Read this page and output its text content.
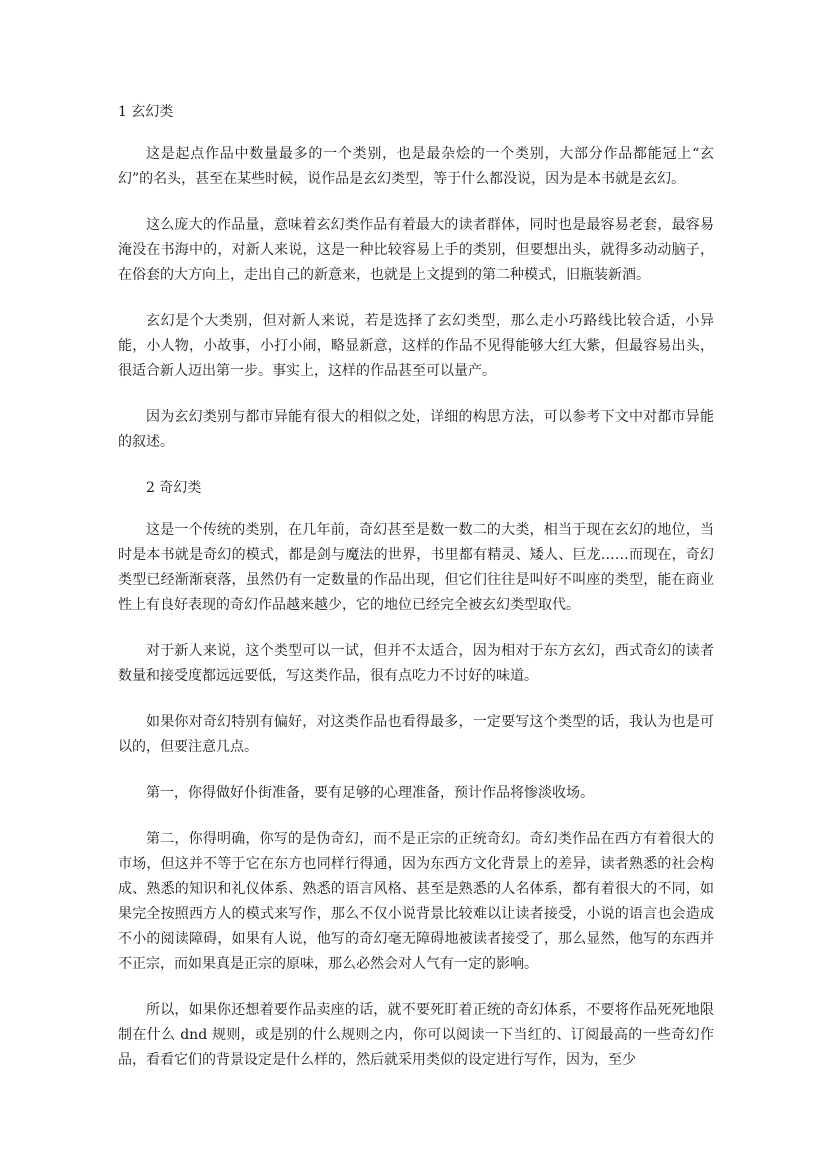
1 玄幻类

这是起点作品中数量最多的一个类别，也是最杂烩的一个类别，大部分作品都能冠上“玄幻”的名头，甚至在某些时候，说作品是玄幻类型，等于什么都没说，因为是本书就是玄幻。

这么庞大的作品量，意味着玄幻类作品有着最大的读者群体，同时也是最容易老套，最容易淹没在书海中的，对新人来说，这是一种比较容易上手的类别，但要想出头，就得多动动脑子，在俗套的大方向上，走出自己的新意来，也就是上文提到的第二种模式，旧瓶装新酒。

玄幻是个大类别，但对新人来说，若是选择了玄幻类型，那么走小巧路线比较合适，小异能，小人物，小故事，小打小闹，略显新意，这样的作品不见得能够大红大紫，但最容易出头，很适合新人迈出第一步。事实上，这样的作品甚至可以量产。

因为玄幻类别与都市异能有很大的相似之处，详细的构思方法，可以参考下文中对都市异能的叙述。

2 奇幻类

这是一个传统的类别，在几年前，奇幻甚至是数一数二的大类，相当于现在玄幻的地位，当时是本书就是奇幻的模式，都是剑与魔法的世界，书里都有精灵、矮人、巨龙……而现在，奇幻类型已经渐渐衰落，虽然仍有一定数量的作品出现，但它们往往是叫好不叫座的类型，能在商业性上有良好表现的奇幻作品越来越少，它的地位已经完全被玄幻类型取代。

对于新人来说，这个类型可以一试，但并不太适合，因为相对于东方玄幻，西式奇幻的读者数量和接受度都远远要低，写这类作品，很有点吃力不讨好的味道。

如果你对奇幻特别有偏好，对这类作品也看得最多，一定要写这个类型的话，我认为也是可以的，但要注意几点。

第一，你得做好仆街准备，要有足够的心理准备，预计作品将惨淡收场。

第二，你得明确，你写的是伪奇幻，而不是正宗的正统奇幻。奇幻类作品在西方有着很大的市场，但这并不等于它在东方也同样行得通，因为东西方文化背景上的差异，读者熟悉的社会构成、熟悉的知识和礼仪体系、熟悉的语言风格、甚至是熟悉的人名体系，都有着很大的不同，如果完全按照西方人的模式来写作，那么不仅小说背景比较难以让读者接受，小说的语言也会造成不小的阅读障碍，如果有人说，他写的奇幻毫无障碍地被读者接受了，那么显然，他写的东西并不正宗，而如果真是正宗的原味，那么必然会对人气有一定的影响。

所以，如果你还想着要作品卖座的话，就不要死盯着正统的奇幻体系，不要将作品死死地限制在什么 dnd 规则，或是别的什么规则之内，你可以阅读一下当红的、订阅最高的一些奇幻作品，看看它们的背景设定是什么样的，然后就采用类似的设定进行写作，因为，至少
